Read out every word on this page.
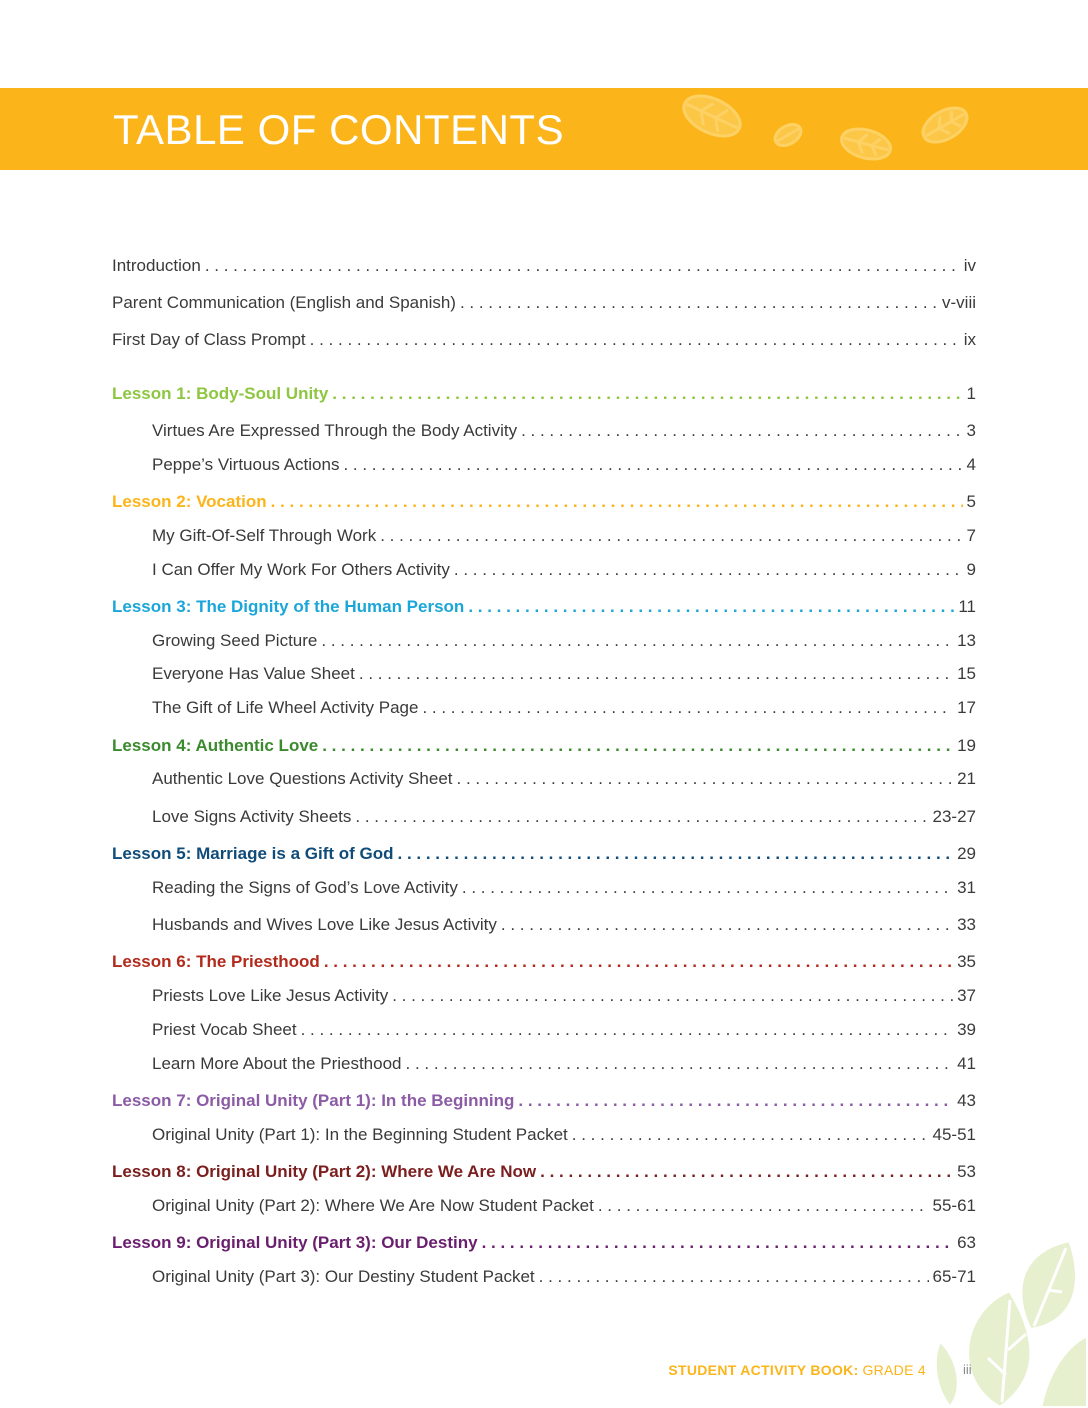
TABLE OF CONTENTS
Introduction . . .	iv
Parent Communication (English and Spanish) . . .	v-viii
First Day of Class Prompt . . .	ix
Lesson 1: Body-Soul Unity . . .	1
Virtues Are Expressed Through the Body Activity . . .	3
Peppe’s Virtuous Actions . . .	4
Lesson 2: Vocation . . .	5
My Gift-Of-Self Through Work . . .	7
I Can Offer My Work For Others Activity . . .	9
Lesson 3: The Dignity of the Human Person . . .	11
Growing Seed Picture . . .	13
Everyone Has Value Sheet . . .	15
The Gift of Life Wheel Activity Page . . .	17
Lesson 4: Authentic Love . . .	19
Authentic Love Questions Activity Sheet . . .	21
Love Signs Activity Sheets . . .	23-27
Lesson 5: Marriage is a Gift of God . . .	29
Reading the Signs of God’s Love Activity . . .	31
Husbands and Wives Love Like Jesus Activity . . .	33
Lesson 6: The Priesthood . . .	35
Priests Love Like Jesus Activity . . .	37
Priest Vocab Sheet . . .	39
Learn More About the Priesthood . . .	41
Lesson 7: Original Unity (Part 1): In the Beginning . . .	43
Original Unity (Part 1): In the Beginning Student Packet . . .	45-51
Lesson 8: Original Unity (Part 2): Where We Are Now . . .	53
Original Unity (Part 2): Where We Are Now Student Packet . . .	55-61
Lesson 9: Original Unity (Part 3): Our Destiny . . .	63
Original Unity (Part 3): Our Destiny Student Packet . . .	65-71
STUDENT ACTIVITY BOOK: GRADE 4	iii
